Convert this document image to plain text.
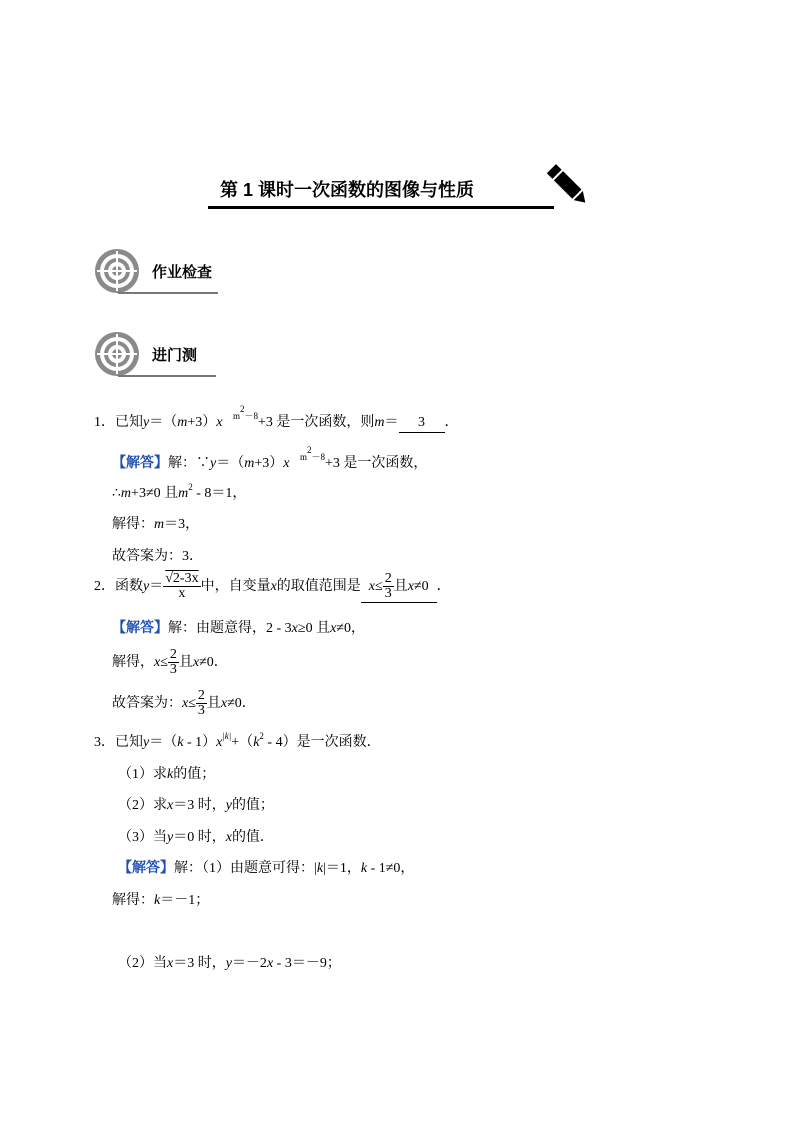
第 1 课时一次函数的图像与性质
作业检查
进门测
1．已知y＝（m+3）x $^{m^2-8}$+3 是一次函数，则m＝ 3 ．
【解答】解：∵y＝（m+3）x $^{m^2-8}$+3 是一次函数，
∴m+3≠0 且$m^2 - 8=1$，
解得：m＝3，
故答案为：3．
2．函数$y= \frac{√2-3x}{x}$ 中，自变量x的取值范围是 $x\le \frac{2}{3}$ 且x≠0 ．
【解答】解：由题意得，2 - 3x≥0 且x≠0，
解得，$x\le \frac{2}{3}$ 且x≠0．
故答案为：$x\le \frac{2}{3}$ 且x≠0．
3．已知$y=(k - 1)x^{|k|}+(k^2 - 4)$是一次函数．
（1）求k的值；
（2）求x＝3 时，y的值；
（3）当y＝0 时，x的值．
【解答】解：（1）由题意可得：|k|＝1，k - 1≠0，
解得：k＝－1；
（2）当x＝3 时，y＝－2x - 3＝－9；
